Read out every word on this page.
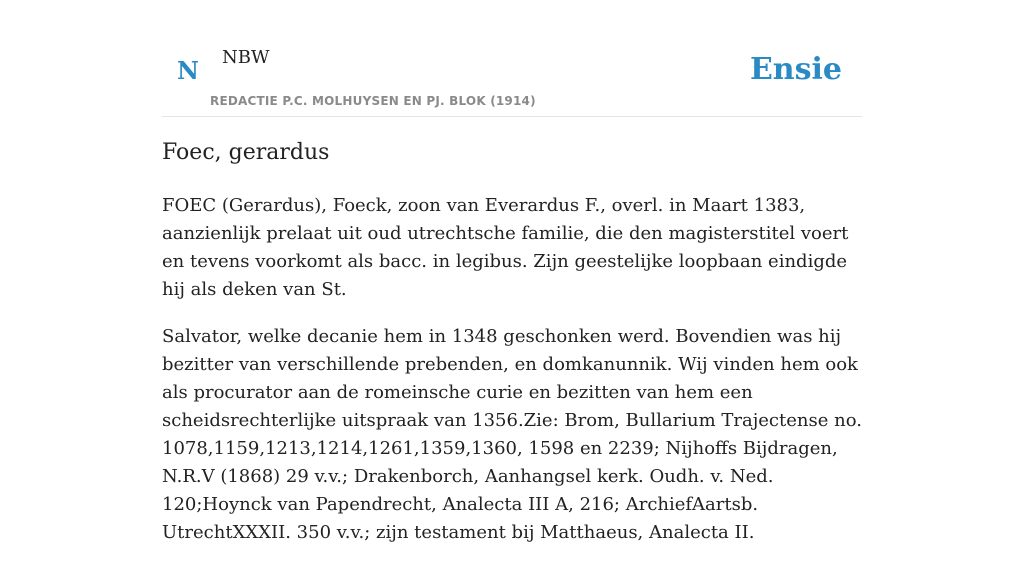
N NBW
REDACTIE P.C. MOLHUYSEN EN PJ. BLOK (1914)
Ensie
Foec, gerardus

FOEC (Gerardus), Foeck, zoon van Everardus F., overl. in Maart 1383, aanzienlijk prelaat uit oud utrechtsche familie, die den magisterstitel voert en tevens voorkomt als bacc. in legibus. Zijn geestelijke loopbaan eindigde hij als deken van St.

Salvator, welke decanie hem in 1348 geschonken werd. Bovendien was hij bezitter van verschillende prebenden, en domkanunnik. Wij vinden hem ook als procurator aan de romeinsche curie en bezitten van hem een scheidsrechterlijke uitspraak van 1356.Zie: Brom, Bullarium Trajectense no. 1078,1159,1213,1214,1261,1359,1360, 1598 en 2239; Nijhoffs Bijdragen, N.R.V (1868) 29 v.v.; Drakenborch, Aanhangsel kerk. Oudh. v. Ned. 120;Hoynck van Papendrecht, Analecta III A, 216; ArchiefAartsb. UtrechtXXXII. 350 v.v.; zijn testament bij Matthaeus, Analecta II.
